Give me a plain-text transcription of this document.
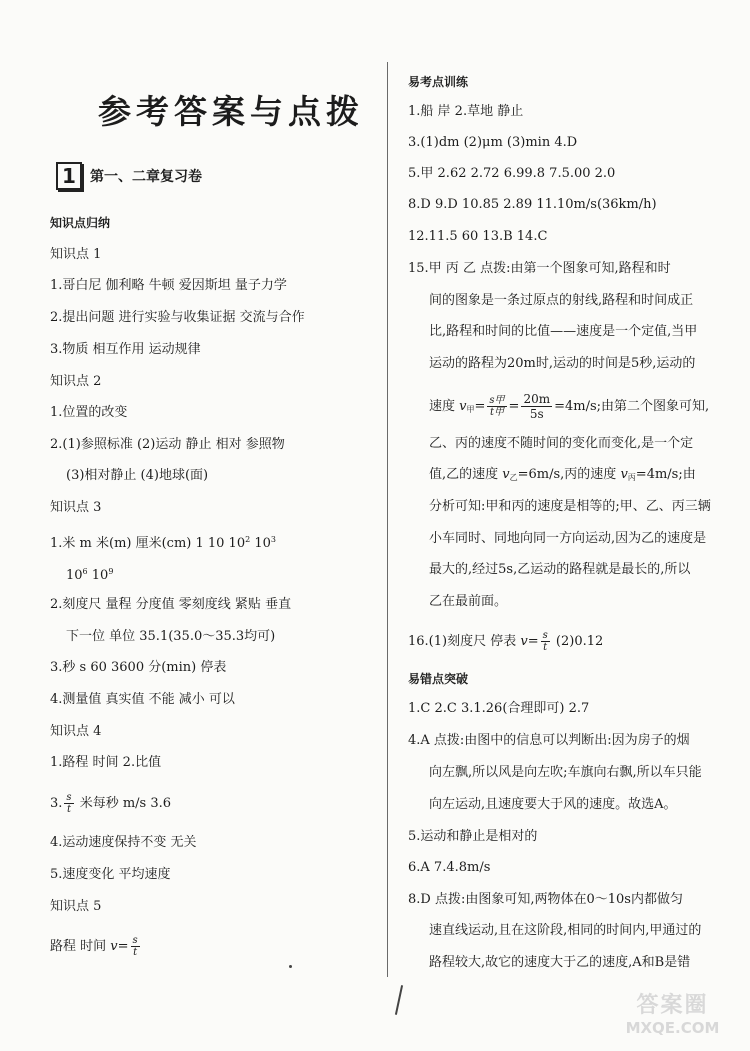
参考答案与点拨
1	第一、二章复习卷
知识点归纳
知识点 1
1.哥白尼 伽利略 牛顿 爱因斯坦 量子力学
2.提出问题 进行实验与收集证据 交流与合作
3.物质 相互作用 运动规律
知识点 2
1.位置的改变
2.(1)参照标准 (2)运动 静止 相对 参照物
(3)相对静止 (4)地球(面)
知识点 3
1.米 m 米(m) 厘米(cm) 1 10 $10^2$ $10^3$
$10^6$ $10^9$
2.刻度尺 量程 分度值 零刻度线 紧贴 垂直
下一位 单位 35.1(35.0～35.3均可)
3.秒 s 60 3600 分(min) 停表
4.测量值 真实值 不能 减小 可以
知识点 4
1.路程 时间 2.比值
3. $\frac{s}{t}$ 米每秒 m/s 3.6
4.运动速度保持不变 无关
5.速度变化 平均速度
知识点 5
路程 时间 $v= \frac{s}{t}$
易考点训练
1.船 岸 2.草地 静止
3.(1)dm (2)μm (3)min 4.D
5.甲 2.62 2.72 6.99.8 7.5.00 2.0
8.D 9.D 10.85 2.89 11.10m/s(36km/h)
12.11.5 60 13.B 14.C
15.甲 丙 乙 点拨:由第一个图象可知,路程和时
间的图象是一条过原点的射线,路程和时间成正
比,路程和时间的比值——速度是一个定值,当甲
运动的路程为20m时,运动的时间是5秒,运动的
速度 $v_甲= \frac{\text{s甲}}{\text{t甲}} = \frac{20m}{5s} =4m/s$;由第二个图象可知,
乙、丙的速度不随时间的变化而变化,是一个定
值,乙的速度 $v_乙=6m/s$,丙的速度 $v_丙=4m/s$;由
分析可知:甲和丙的速度是相等的;甲、乙、丙三辆
小车同时、同地向同一方向运动,因为乙的速度是
最大的,经过5s,乙运动的路程就是最长的,所以
乙在最前面。
16.(1)刻度尺 停表 $v= \frac{s}{t} (2)0.12$
易错点突破
1.C 2.C 3.1.26(合理即可) 2.7
4.A 点拨:由图中的信息可以判断出:因为房子的烟
向左飘,所以风是向左吹;车旗向右飘,所以车只能
向左运动,且速度要大于风的速度。故选A。
5.运动和静止是相对的
6.A 7.4.8m/s
8.D 点拨:由图象可知,两物体在0～10s内都做匀
速直线运动,且在这阶段,相同的时间内,甲通过的
路程较大,故它的速度大于乙的速度,A和B是错
答案圈
MXQE.COM
